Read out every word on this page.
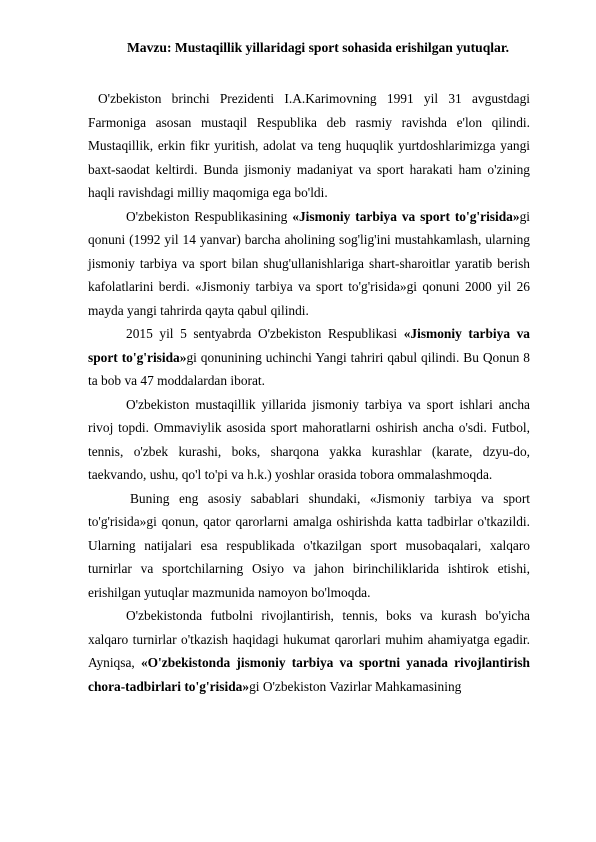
Mavzu: Mustaqillik yillaridagi sport sohasida erishilgan yutuqlar.

O'zbekiston brinchi Prezidenti I.A.Karimovning 1991 yil 31 avgustdagi Farmoniga asosan mustaqil Respublika deb rasmiy ravishda e'lon qilindi. Mustaqillik, erkin fikr yuritish, adolat va teng huquqlik yurtdoshlarimizga yangi baxt-saodat keltirdi. Bunda jismoniy madaniyat va sport harakati ham o'zining haqli ravishdagi milliy maqomiga ega bo'ldi.

O'zbekiston Respublikasining «Jismoniy tarbiya va sport to'g'risida»gi qonuni (1992 yil 14 yanvar) barcha aholining sog'lig'ini mustahkamlash, ularning jismoniy tarbiya va sport bilan shug'ullanishlariga shart-sharoitlar yaratib berish kafolatlarini berdi. «Jismoniy tarbiya va sport to'g'risida»gi qonuni 2000 yil 26 mayda yangi tahrirda qayta qabul qilindi.

2015 yil 5 sentyabrda O'zbekiston Respublikasi «Jismoniy tarbiya va sport to'g'risida»gi qonunining uchinchi Yangi tahriri qabul qilindi. Bu Qonun 8 ta bob va 47 moddalardan iborat.

O'zbekiston mustaqillik yillarida jismoniy tarbiya va sport ishlari ancha rivoj topdi. Ommaviylik asosida sport mahoratlarni oshirish ancha o'sdi. Futbol, tennis, o'zbek kurashi, boks, sharqona yakka kurashlar (karate, dzyu-do, taekvando, ushu, qo'l to'pi va h.k.) yoshlar orasida tobora ommalashmoqda.

Buning eng asosiy sabablari shundaki, «Jismoniy tarbiya va sport to'g'risida»gi qonun, qator qarorlarni amalga oshirishda katta tadbirlar o'tkazildi. Ularning natijalari esa respublikada o'tkazilgan sport musobaqalari, xalqaro turnirlar va sportchilarning Osiyo va jahon birinchiliklarida ishtirok etishi, erishilgan yutuqlar mazmunida namoyon bo'lmoqda.

O'zbekistonda futbolni rivojlantirish, tennis, boks va kurash bo'yicha xalqaro turnirlar o'tkazish haqidagi hukumat qarorlari muhim ahamiyatga egadir. Ayniqsa, «O'zbekistonda jismoniy tarbiya va sportni yanada rivojlantirish chora-tadbirlari to'g'risida»gi O'zbekiston Vazirlar Mahkamasining
